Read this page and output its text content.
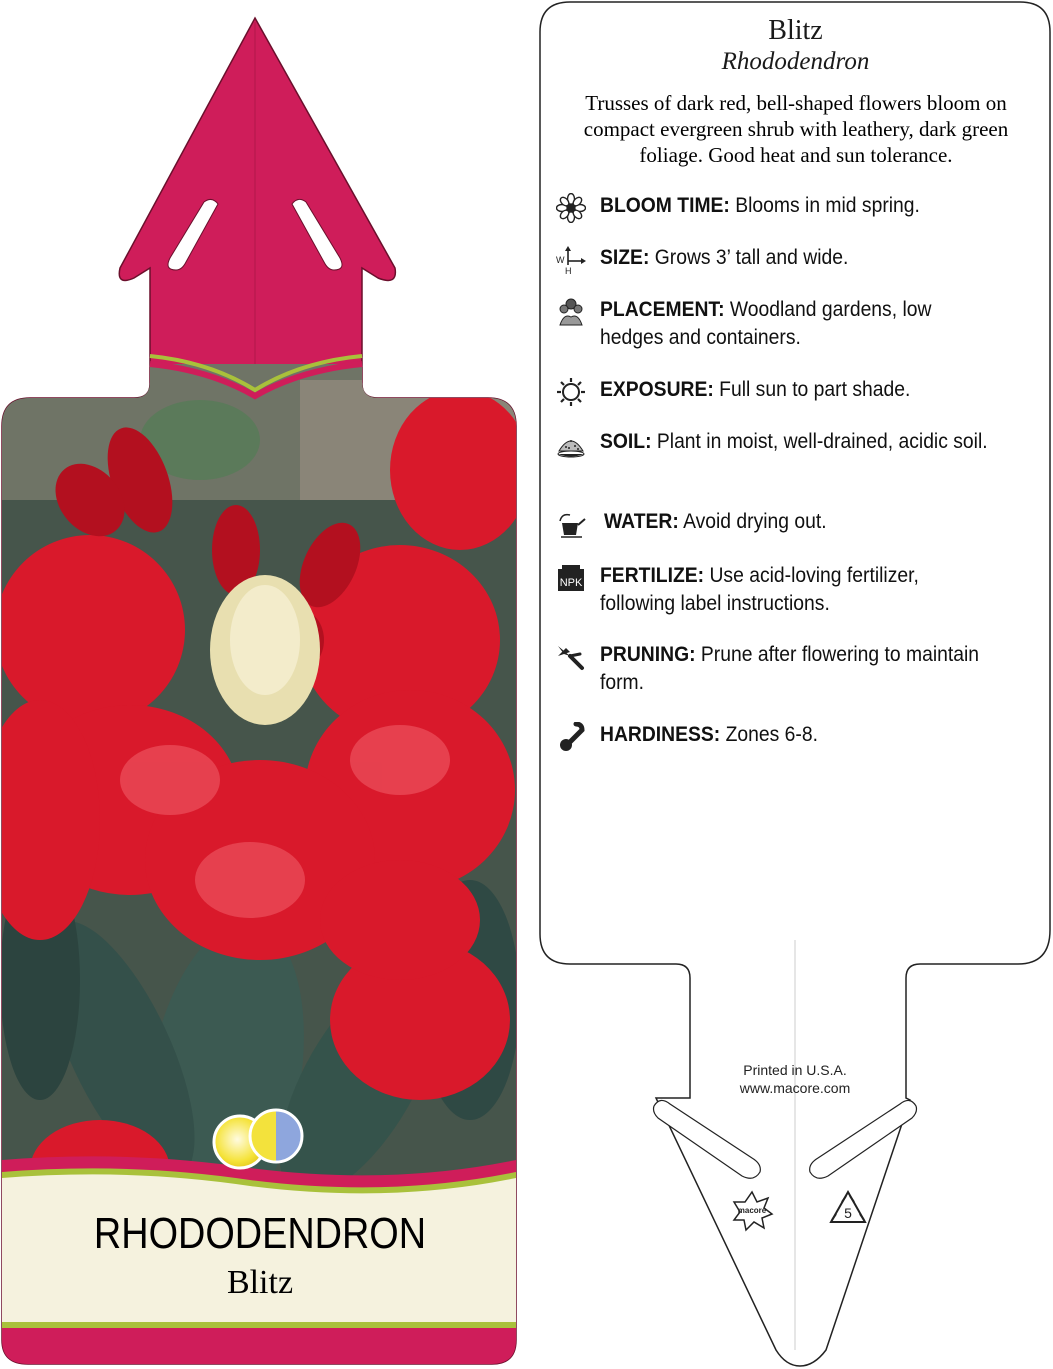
RHODODENDRON
Blitz
macore	5
Blitz
Rhododendron
Trusses of dark red, bell-shaped flowers bloom on compact evergreen shrub with leathery, dark green foliage. Good heat and sun tolerance.
BLOOM TIME: Blooms in mid spring.
W
H
SIZE: Grows 3’ tall and wide.
PLACEMENT: Woodland gardens, low hedges and containers.
EXPOSURE: Full sun to part shade.
SOIL: Plant in moist, well-drained, acidic soil.
WATER: Avoid drying out.
NPK FERTILIZE: Use acid-loving fertilizer, following label instructions.
PRUNING: Prune after flowering to maintain form.
HARDINESS: Zones 6-8.
Printed in U.S.A.
www.macore.com
